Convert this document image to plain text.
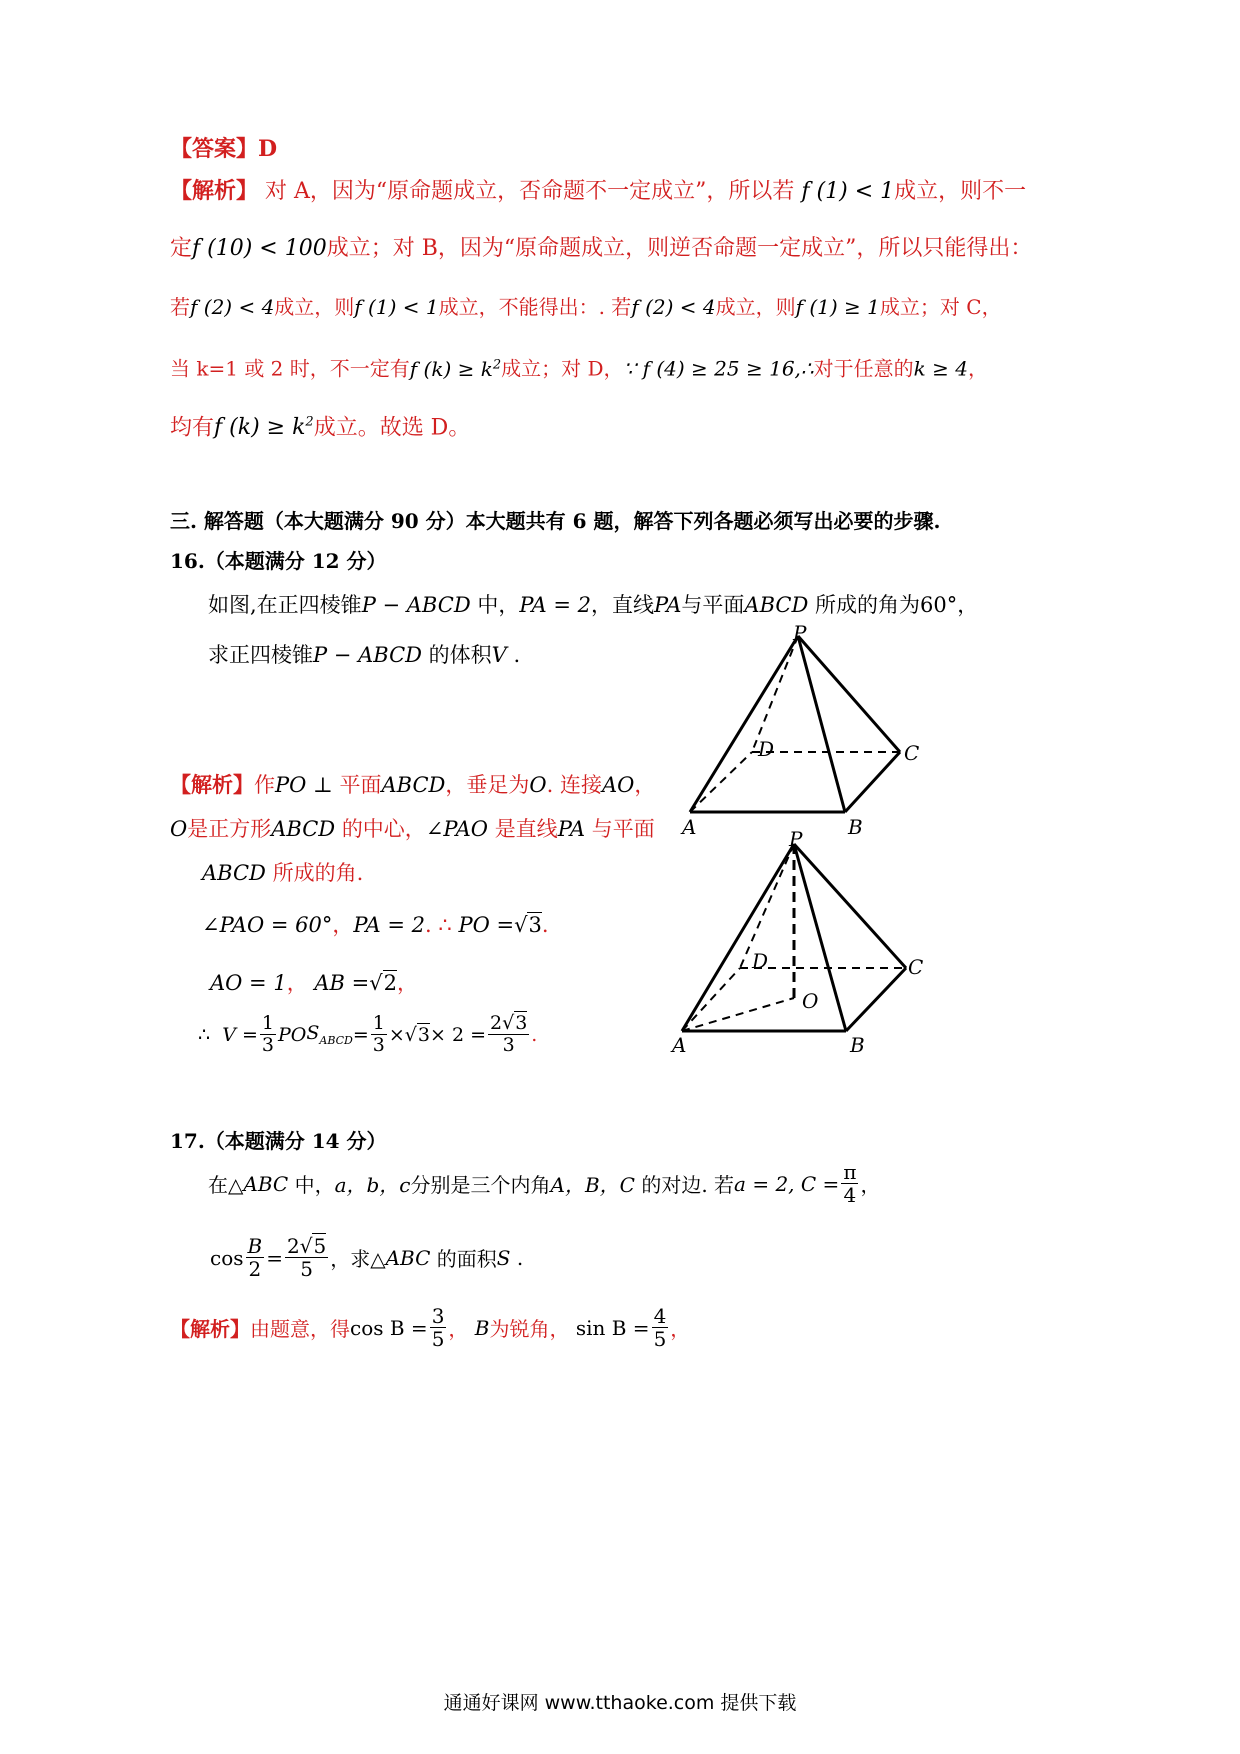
【答案】D
【解析】 对 A，因为“原命题成立，否命题不一定成立”，所以若 f (1) < 1成立，则不一
定f (10) < 100成立；对 B，因为“原命题成立，则逆否命题一定成立”，所以只能得出：
若f (2) < 4成立，则f (1) < 1成立，不能得出：. 若f (2) < 4成立，则f (1) ≥ 1成立；对 C，
当 k=1 或 2 时，不一定有f $(k) \ge k^2$成立；对 D，∵ f (4) ≥ 25 ≥ 16,∴对于任意的k ≥ 4，
均有f $(k) \ge k^2$成立。故选 D。
三. 解答题（本大题满分 90 分）本大题共有 6 题，解答下列各题必须写出必要的步骤.
16.（本题满分 12 分）
如图,在正四棱锥P − ABCD 中，PA = 2，直线PA与平面ABCD 所成的角为60°，
求正四棱锥P − ABCD 的体积V .
P
D	C
A	B
【解析】作PO ⊥ 平面ABCD，垂足为O. 连接AO，
O是正方形ABCD 的中心，∠PAO 是直线PA 与平面
ABCD 所成的角.
∠PAO = 60°，PA = 2. ∴ PO =√3.
AO = 1， AB =√2，
∴
$V = \frac{1}{3}$ PO $S_{ABCD} = \frac{1}{3} \times √3 \times 2 = \frac{2√3}{3}$ .
P
D	C
O
A	B
17.（本题满分 14 分）
在△ ABC
中， a，b，c 分别是三个内角 A，B，C
的对边. 若 a = 2, $C = \frac{\pi}{4}$ ，
$\cos \frac{B}{2} = \frac{2√5}{5}$ ，求△ ABC
的面积 S
.
【解析】 由题意，得 $\cos B = \frac{3}{5}$ ，
B 为锐角，
$\sin B = \frac{4}{5}$ ，
通通好课网 www.tthaoke.com 提供下载
